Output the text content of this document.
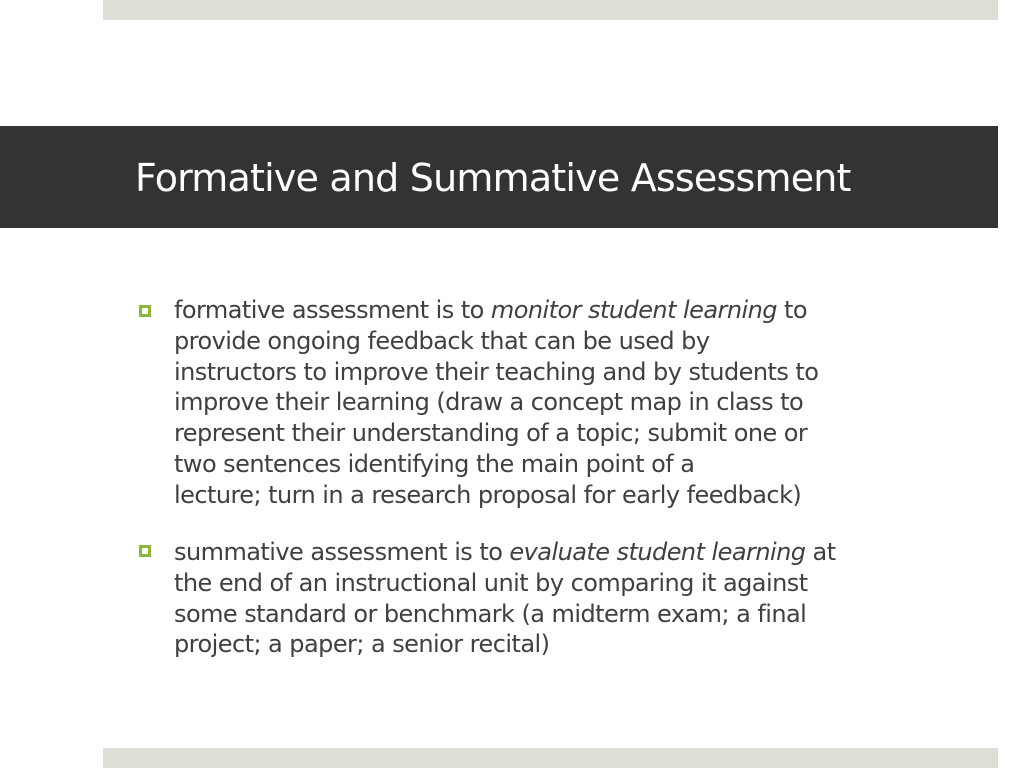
Formative and Summative Assessment

formative assessment is to monitor student learning to
provide ongoing feedback that can be used by
instructors to improve their teaching and by students to
improve their learning (draw a concept map in class to
represent their understanding of a topic; submit one or
two sentences identifying the main point of a
lecture; turn in a research proposal for early feedback)

summative assessment is to evaluate student learning at
the end of an instructional unit by comparing it against
some standard or benchmark (a midterm exam; a final
project; a paper; a senior recital)
